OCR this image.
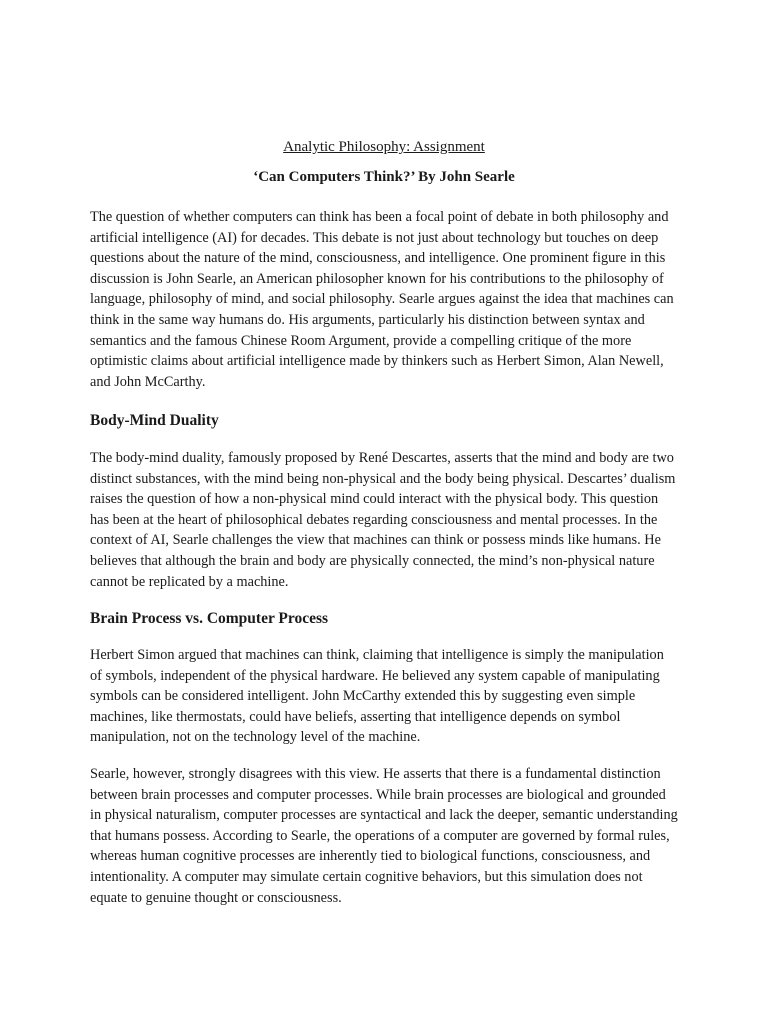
Analytic Philosophy: Assignment
‘Can Computers Think?’ By John Searle

The question of whether computers can think has been a focal point of debate in both philosophy and artificial intelligence (AI) for decades. This debate is not just about technology but touches on deep questions about the nature of the mind, consciousness, and intelligence. One prominent figure in this discussion is John Searle, an American philosopher known for his contributions to the philosophy of language, philosophy of mind, and social philosophy. Searle argues against the idea that machines can think in the same way humans do. His arguments, particularly his distinction between syntax and semantics and the famous Chinese Room Argument, provide a compelling critique of the more optimistic claims about artificial intelligence made by thinkers such as Herbert Simon, Alan Newell, and John McCarthy.

Body-Mind Duality

The body-mind duality, famously proposed by René Descartes, asserts that the mind and body are two distinct substances, with the mind being non-physical and the body being physical. Descartes’ dualism raises the question of how a non-physical mind could interact with the physical body. This question has been at the heart of philosophical debates regarding consciousness and mental processes. In the context of AI, Searle challenges the view that machines can think or possess minds like humans. He believes that although the brain and body are physically connected, the mind’s non-physical nature cannot be replicated by a machine.

Brain Process vs. Computer Process

Herbert Simon argued that machines can think, claiming that intelligence is simply the manipulation of symbols, independent of the physical hardware. He believed any system capable of manipulating symbols can be considered intelligent. John McCarthy extended this by suggesting even simple machines, like thermostats, could have beliefs, asserting that intelligence depends on symbol manipulation, not on the technology level of the machine.

Searle, however, strongly disagrees with this view. He asserts that there is a fundamental distinction between brain processes and computer processes. While brain processes are biological and grounded in physical naturalism, computer processes are syntactical and lack the deeper, semantic understanding that humans possess. According to Searle, the operations of a computer are governed by formal rules, whereas human cognitive processes are inherently tied to biological functions, consciousness, and intentionality. A computer may simulate certain cognitive behaviors, but this simulation does not equate to genuine thought or consciousness.
